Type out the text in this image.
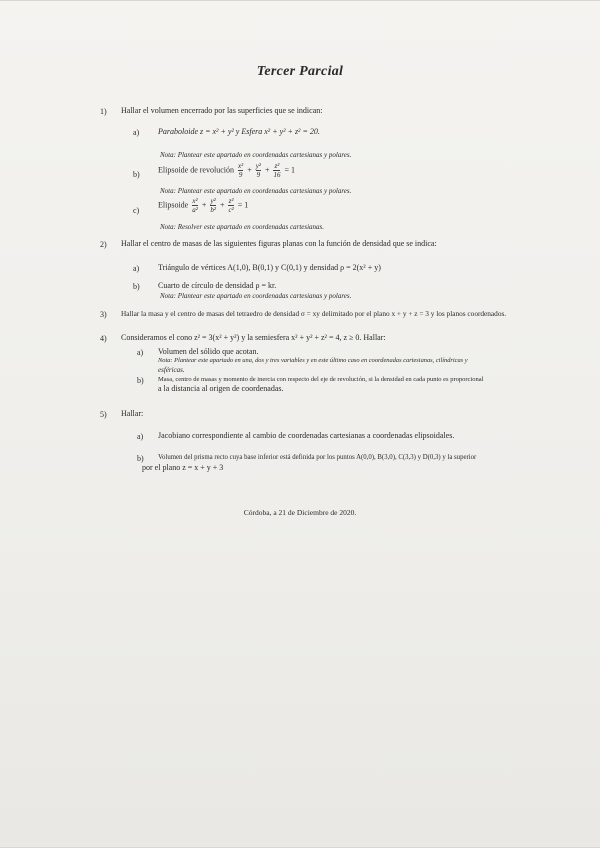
Tercer Parcial
1) Hallar el volumen encerrado por las superficies que se indican:
a) Paraboloide z = x² + y² y Esfera x² + y² + z² = 20.
Nota: Plantear este apartado en coordenadas cartesianas y polares.
b)
Elipsoide de revolución $\frac{\text{x²}}{9} + \frac{\text{y²}}{9} + \frac{\text{z²}}{16} = 1$
Nota: Plantear este apartado en coordenadas cartesianas y polares.
c)
Elipsoide $\frac{\text{x²}}{\text{a²}} + \frac{\text{y²}}{\text{b²}} + \frac{\text{z²}}{\text{c²}} = 1$
Nota: Resolver este apartado en coordenadas cartesianas.
2) Hallar el centro de masas de las siguientes figuras planas con la función de densidad que se indica:
a) Triángulo de vértices A(1,0), B(0,1) y C(0,1) y densidad ρ = 2(x² + y)
b) Cuarto de círculo de densidad ρ = kr.
Nota: Plantear este apartado en coordenadas cartesianas y polares.
3) Hallar la masa y el centro de masas del tetraedro de densidad σ = xy delimitado por el plano x + y + z = 3 y los planos coordenados.
4) Consideramos el cono z² = 3(x² + y²) y la semiesfera x² + y² + z² = 4, z ≥ 0. Hallar:
a) Volumen del sólido que acotan.
Nota: Plantear este apartado en una, dos y tres variables y en este último caso en coordenadas cartesianas, cilíndricas y
esféricas.
b) Masa, centro de masas y momento de inercia con respecto del eje de revolución, si la densidad en cada punto es proporcional
a la distancia al origen de coordenadas.
5) Hallar:
a) Jacobiano correspondiente al cambio de coordenadas cartesianas a coordenadas elipsoidales.
b) Volumen del prisma recto cuya base inferior está definida por los puntos A(0,0), B(3,0), C(3,3) y D(0,3) y la superior
por el plano z = x + y + 3
Córdoba, a 21 de Diciembre de 2020.
